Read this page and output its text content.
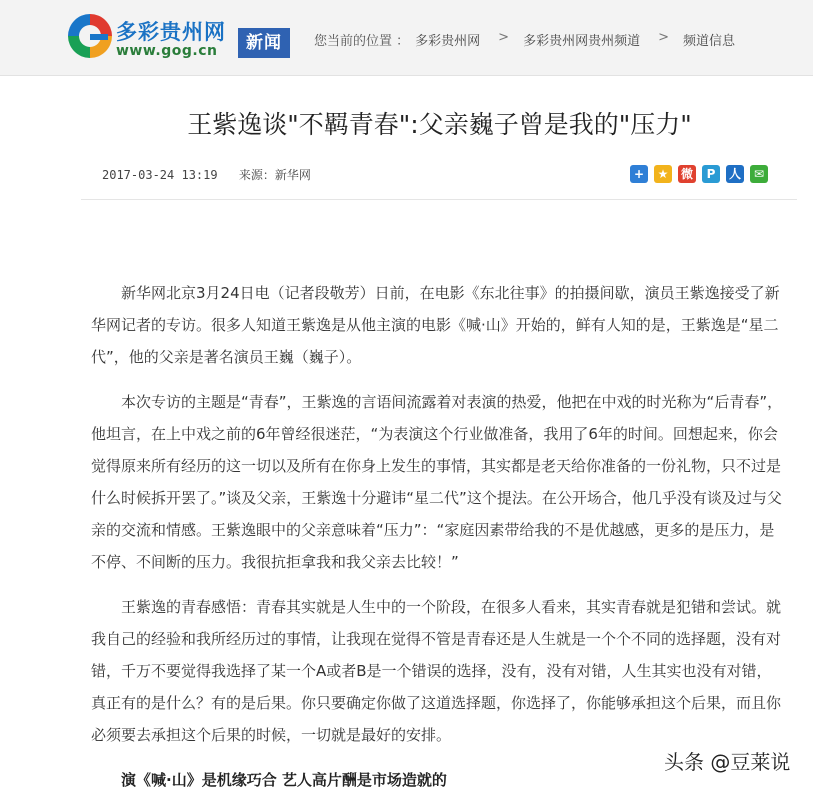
多彩贵州网
www.gog.cn	新闻	您当前的位置 ： 多彩贵州网 > 多彩贵州网贵州频道 > 频道信息
王紫逸谈"不羁青春":父亲巍子曾是我的"压力"
2017-03-24 13:19 来源：新华网	+	★	微	P	人	✉

新华网北京3月24日电（记者段敬芳）日前，在电影《东北往事》的拍摄间歇，演员王紫逸接受了新华网记者的专访。很多人知道王紫逸是从他主演的电影《喊·山》开始的，鲜有人知的是，王紫逸是“星二代”，他的父亲是著名演员王巍（巍子）。

本次专访的主题是“青春”，王紫逸的言语间流露着对表演的热爱，他把在中戏的时光称为“后青春”，他坦言，在上中戏之前的6年曾经很迷茫，“为表演这个行业做准备，我用了6年的时间。回想起来，你会觉得原来所有经历的这一切以及所有在你身上发生的事情，其实都是老天给你准备的一份礼物，只不过是什么时候拆开罢了。”谈及父亲，王紫逸十分避讳“星二代”这个提法。在公开场合，他几乎没有谈及过与父亲的交流和情感。王紫逸眼中的父亲意味着“压力”：“家庭因素带给我的不是优越感，更多的是压力，是不停、不间断的压力。我很抗拒拿我和我父亲去比较！”

王紫逸的青春感悟：青春其实就是人生中的一个阶段，在很多人看来，其实青春就是犯错和尝试。就我自己的经验和我所经历过的事情，让我现在觉得不管是青春还是人生就是一个个不同的选择题，没有对错，千万不要觉得我选择了某一个A或者B是一个错误的选择，没有，没有对错，人生其实也没有对错，真正有的是什么？有的是后果。你只要确定你做了这道选择题，你选择了，你能够承担这个后果，而且你必须要去承担这个后果的时候，一切就是最好的安排。

演《喊·山》是机缘巧合 艺人高片酬是市场造就的

头条 @豆莱说
